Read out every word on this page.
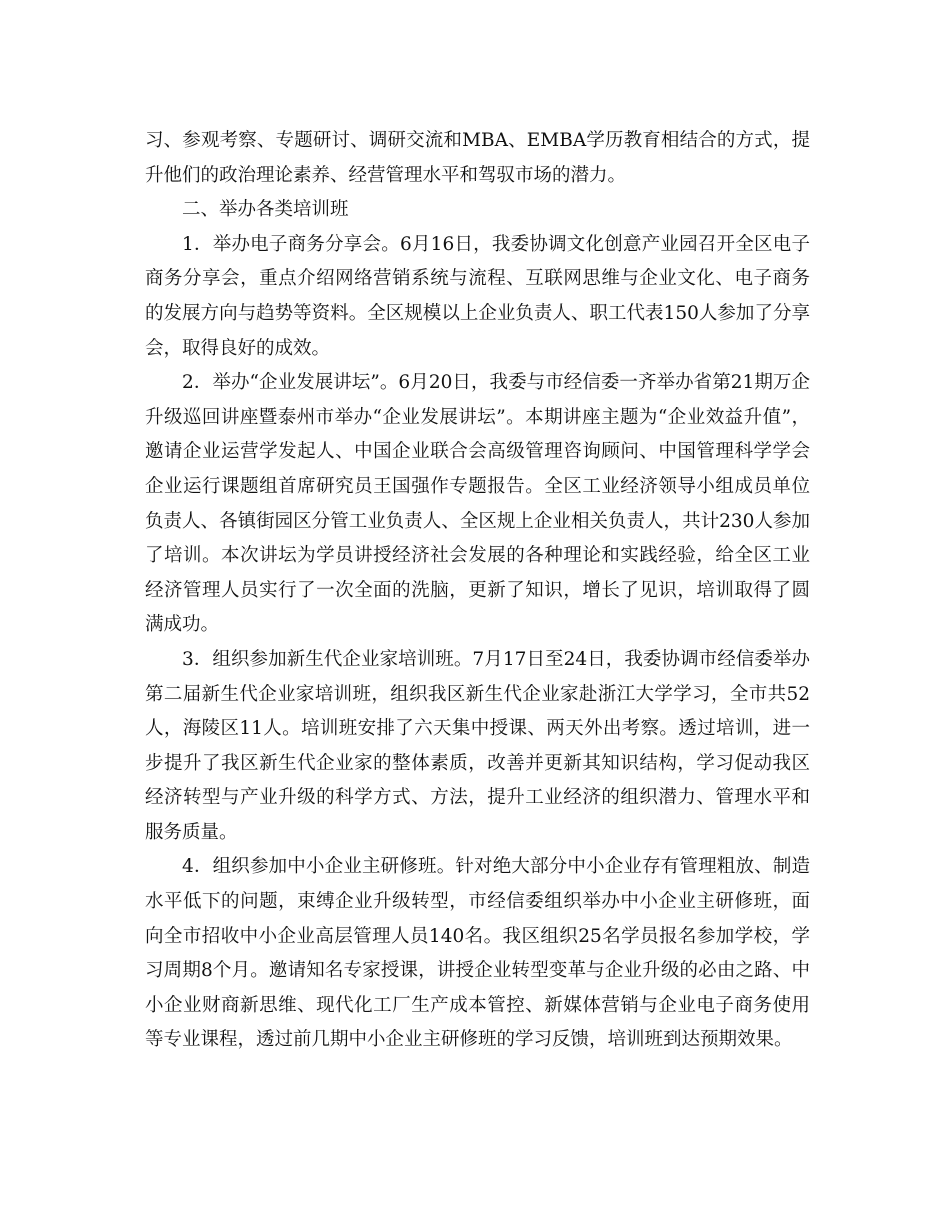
习、参观考察、专题研讨、调研交流和MBA、EMBA学历教育相结合的方式，提升他们的政治理论素养、经营管理水平和驾驭市场的潜力。

二、举办各类培训班

1．举办电子商务分享会。6月16日，我委协调文化创意产业园召开全区电子商务分享会，重点介绍网络营销系统与流程、互联网思维与企业文化、电子商务的发展方向与趋势等资料。全区规模以上企业负责人、职工代表150人参加了分享会，取得良好的成效。

2．举办“企业发展讲坛”。6月20日，我委与市经信委一齐举办省第21期万企升级巡回讲座暨泰州市举办“企业发展讲坛”。本期讲座主题为“企业效益升值”，邀请企业运营学发起人、中国企业联合会高级管理咨询顾问、中国管理科学学会企业运行课题组首席研究员王国强作专题报告。全区工业经济领导小组成员单位负责人、各镇街园区分管工业负责人、全区规上企业相关负责人，共计230人参加了培训。本次讲坛为学员讲授经济社会发展的各种理论和实践经验，给全区工业经济管理人员实行了一次全面的洗脑，更新了知识，增长了见识，培训取得了圆满成功。

3．组织参加新生代企业家培训班。7月17日至24日，我委协调市经信委举办第二届新生代企业家培训班，组织我区新生代企业家赴浙江大学学习，全市共52人，海陵区11人。培训班安排了六天集中授课、两天外出考察。透过培训，进一步提升了我区新生代企业家的整体素质，改善并更新其知识结构，学习促动我区经济转型与产业升级的科学方式、方法，提升工业经济的组织潜力、管理水平和服务质量。

4．组织参加中小企业主研修班。针对绝大部分中小企业存有管理粗放、制造水平低下的问题，束缚企业升级转型，市经信委组织举办中小企业主研修班，面向全市招收中小企业高层管理人员140名。我区组织25名学员报名参加学校，学习周期8个月。邀请知名专家授课，讲授企业转型变革与企业升级的必由之路、中小企业财商新思维、现代化工厂生产成本管控、新媒体营销与企业电子商务使用等专业课程，透过前几期中小企业主研修班的学习反馈，培训班到达预期效果。
